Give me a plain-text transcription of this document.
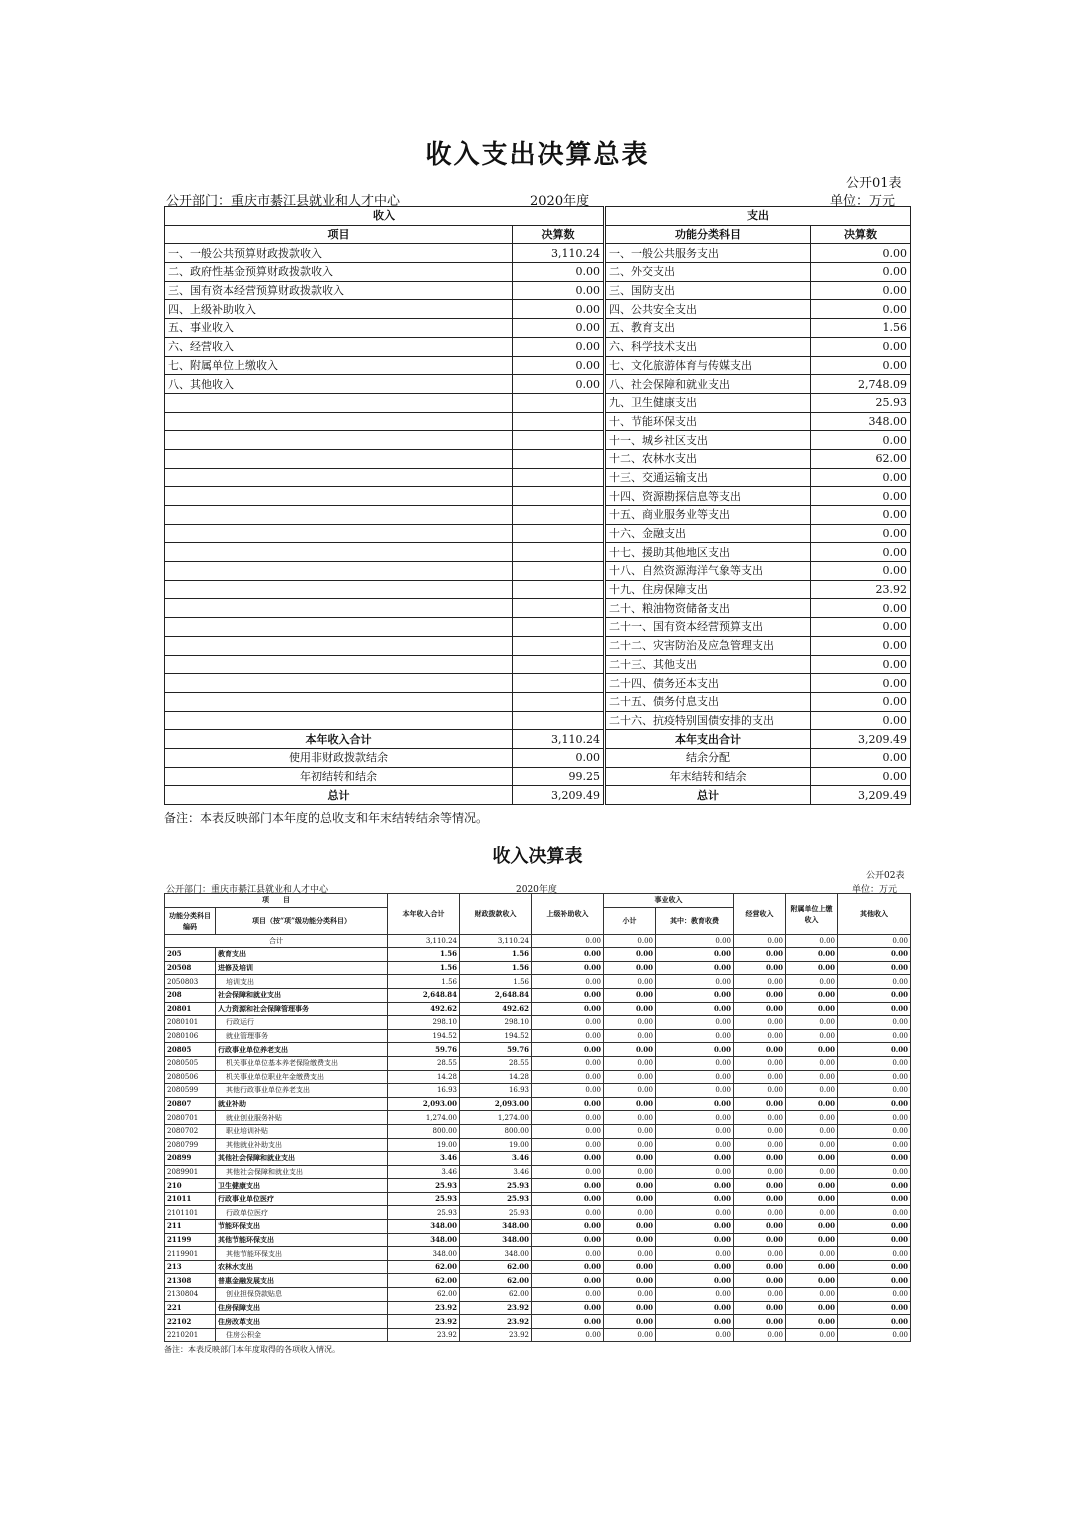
收入支出决算总表
公开01表
公开部门：重庆市綦江县就业和人才中心	2020年度	单位：万元
收入		支出	
项目	决算数	功能分类科目	决算数
一、一般公共预算财政拨款收入	3,110.24	一、一般公共服务支出	0.00
二、政府性基金预算财政拨款收入	0.00	二、外交支出	0.00
三、国有资本经营预算财政拨款收入	0.00	三、国防支出	0.00
四、上级补助收入	0.00	四、公共安全支出	0.00
五、事业收入	0.00	五、教育支出	1.56
六、经营收入	0.00	六、科学技术支出	0.00
七、附属单位上缴收入	0.00	七、文化旅游体育与传媒支出	0.00
八、其他收入	0.00	八、社会保障和就业支出	2,748.09
		九、卫生健康支出	25.93
		十、节能环保支出	348.00
		十一、城乡社区支出	0.00
		十二、农林水支出	62.00
		十三、交通运输支出	0.00
		十四、资源勘探信息等支出	0.00
		十五、商业服务业等支出	0.00
		十六、金融支出	0.00
		十七、援助其他地区支出	0.00
		十八、自然资源海洋气象等支出	0.00
		十九、住房保障支出	23.92
		二十、粮油物资储备支出	0.00
		二十一、国有资本经营预算支出	0.00
		二十二、灾害防治及应急管理支出	0.00
		二十三、其他支出	0.00
		二十四、债务还本支出	0.00
		二十五、债务付息支出	0.00
		二十六、抗疫特别国债安排的支出	0.00
本年收入合计	3,110.24	本年支出合计	3,209.49
使用非财政拨款结余	0.00	结余分配	0.00
年初结转和结余	99.25	年末结转和结余	0.00
总计	3,209.49	总计	3,209.49
备注：本表反映部门本年度的总收支和年末结转结余等情况。
收入决算表
公开02表
公开部门：重庆市綦江县就业和人才中心	2020年度	单位：万元
项　　目		本年收入合计	财政拨款收入	上级补助收入	事业收入		经营收入	附属单位上缴收入	其他收入
功能分类科目编码	项目（按“项”级功能分类科目）				小计	其中：教育收费			

合计		3,110.24	3,110.24	0.00	0.00	0.00	0.00	0.00	0.00
205	教育支出	1.56	1.56	0.00	0.00	0.00	0.00	0.00	0.00
20508	进修及培训	1.56	1.56	0.00	0.00	0.00	0.00	0.00	0.00
2050803	培训支出	1.56	1.56	0.00	0.00	0.00	0.00	0.00	0.00
208	社会保障和就业支出	2,648.84	2,648.84	0.00	0.00	0.00	0.00	0.00	0.00
20801	人力资源和社会保障管理事务	492.62	492.62	0.00	0.00	0.00	0.00	0.00	0.00
2080101	行政运行	298.10	298.10	0.00	0.00	0.00	0.00	0.00	0.00
2080106	就业管理事务	194.52	194.52	0.00	0.00	0.00	0.00	0.00	0.00
20805	行政事业单位养老支出	59.76	59.76	0.00	0.00	0.00	0.00	0.00	0.00
2080505	机关事业单位基本养老保险缴费支出	28.55	28.55	0.00	0.00	0.00	0.00	0.00	0.00
2080506	机关事业单位职业年金缴费支出	14.28	14.28	0.00	0.00	0.00	0.00	0.00	0.00
2080599	其他行政事业单位养老支出	16.93	16.93	0.00	0.00	0.00	0.00	0.00	0.00
20807	就业补助	2,093.00	2,093.00	0.00	0.00	0.00	0.00	0.00	0.00
2080701	就业创业服务补贴	1,274.00	1,274.00	0.00	0.00	0.00	0.00	0.00	0.00
2080702	职业培训补贴	800.00	800.00	0.00	0.00	0.00	0.00	0.00	0.00
2080799	其他就业补助支出	19.00	19.00	0.00	0.00	0.00	0.00	0.00	0.00
20899	其他社会保障和就业支出	3.46	3.46	0.00	0.00	0.00	0.00	0.00	0.00
2089901	其他社会保障和就业支出	3.46	3.46	0.00	0.00	0.00	0.00	0.00	0.00
210	卫生健康支出	25.93	25.93	0.00	0.00	0.00	0.00	0.00	0.00
21011	行政事业单位医疗	25.93	25.93	0.00	0.00	0.00	0.00	0.00	0.00
2101101	行政单位医疗	25.93	25.93	0.00	0.00	0.00	0.00	0.00	0.00
211	节能环保支出	348.00	348.00	0.00	0.00	0.00	0.00	0.00	0.00
21199	其他节能环保支出	348.00	348.00	0.00	0.00	0.00	0.00	0.00	0.00
2119901	其他节能环保支出	348.00	348.00	0.00	0.00	0.00	0.00	0.00	0.00
213	农林水支出	62.00	62.00	0.00	0.00	0.00	0.00	0.00	0.00
21308	普惠金融发展支出	62.00	62.00	0.00	0.00	0.00	0.00	0.00	0.00
2130804	创业担保贷款贴息	62.00	62.00	0.00	0.00	0.00	0.00	0.00	0.00
221	住房保障支出	23.92	23.92	0.00	0.00	0.00	0.00	0.00	0.00
22102	住房改革支出	23.92	23.92	0.00	0.00	0.00	0.00	0.00	0.00
2210201	住房公积金	23.92	23.92	0.00	0.00	0.00	0.00	0.00	0.00
备注：本表反映部门本年度取得的各项收入情况。
